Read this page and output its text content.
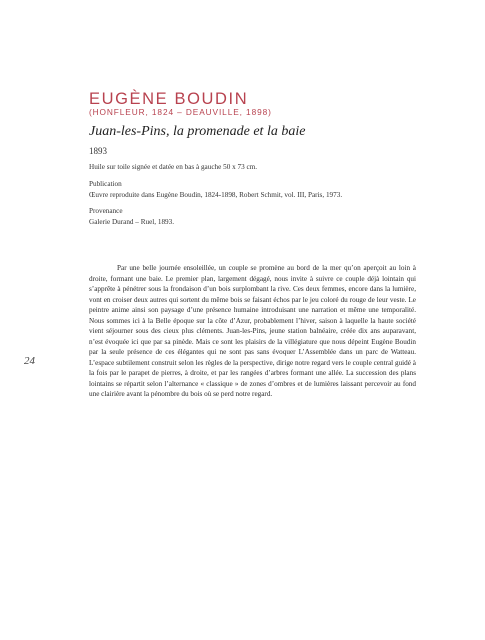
EUGÈNE BOUDIN
(HONFLEUR, 1824 – DEAUVILLE, 1898)
Juan-les-Pins, la promenade et la baie
1893
Huile sur toile signée et datée en bas à gauche 50 x 73 cm.
Publication
Œuvre reproduite dans Eugène Boudin, 1824-1898, Robert Schmit, vol. III, Paris, 1973.
Provenance
Galerie Durand – Ruel, 1893.
24

Par une belle journée ensoleillée, un couple se promène au bord de la mer qu’on aperçoit au loin à droite, formant une baie. Le premier plan, largement dégagé, nous invite à suivre ce couple déjà lointain qui s’apprête à pénétrer sous la frondaison d’un bois surplombant la rive. Ces deux femmes, encore dans la lumière, vont en croiser deux autres qui sortent du même bois se faisant échos par le jeu coloré du rouge de leur veste. Le peintre anime ainsi son paysage d’une présence humaine introduisant une narration et même une temporalité. Nous sommes ici à la Belle époque sur la côte d’Azur, probablement l’hiver, saison à laquelle la haute société vient séjourner sous des cieux plus cléments. Juan-les-Pins, jeune station balnéaire, créée dix ans auparavant, n’est évoquée ici que par sa pinède. Mais ce sont les plaisirs de la villégiature que nous dépeint Eugène Boudin par la seule présence de ces élégantes qui ne sont pas sans évoquer L’Assemblée dans un parc de Watteau. L’espace subtilement construit selon les règles de la perspective, dirige notre regard vers le couple central guidé à la fois par le parapet de pierres, à droite, et par les rangées d’arbres formant une allée. La succession des plans lointains se répartit selon l’alternance « classique » de zones d’ombres et de lumières laissant percevoir au fond une clairière avant la pénombre du bois où se perd notre regard.
